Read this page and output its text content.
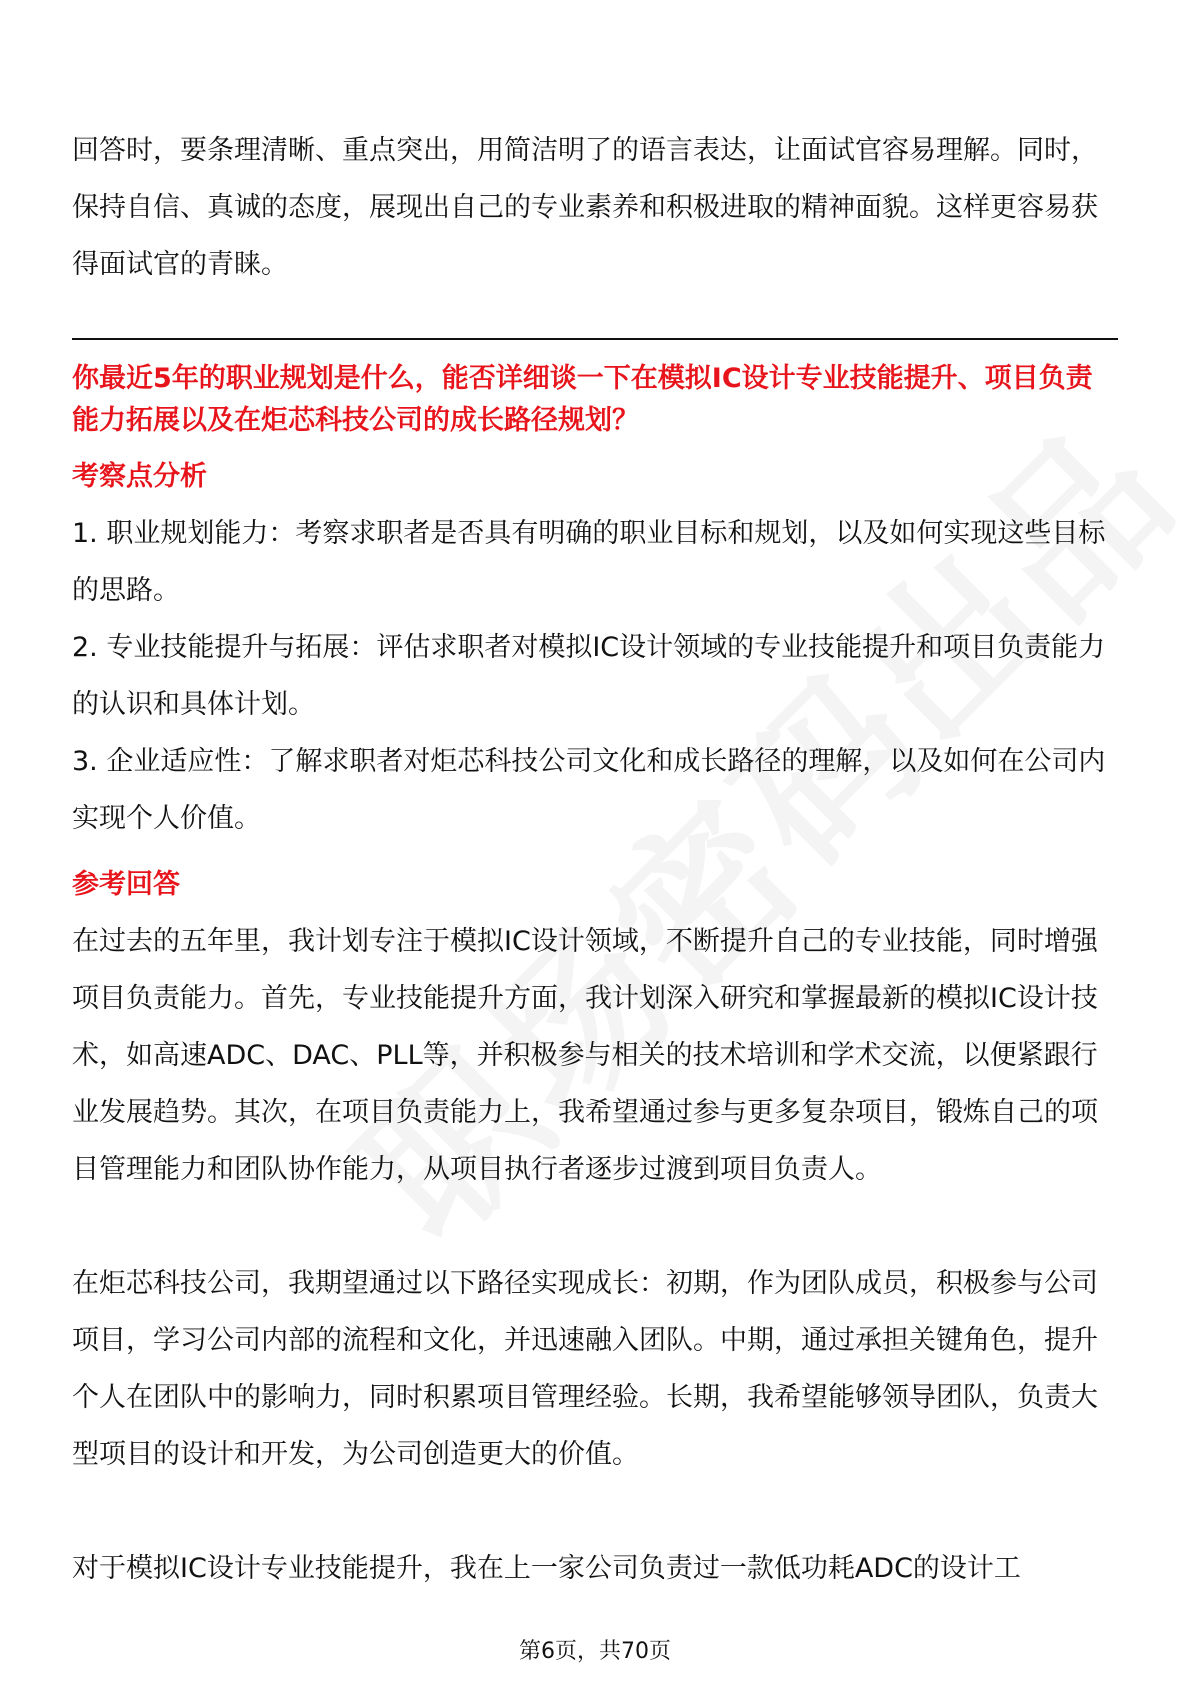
回答时，要条理清晰、重点突出，用简洁明了的语言表达，让面试官容易理解。同时，保持自信、真诚的态度，展现出自己的专业素养和积极进取的精神面貌。这样更容易获得面试官的青睐。

你最近5年的职业规划是什么，能否详细谈一下在模拟IC设计专业技能提升、项目负责能力拓展以及在炬芯科技公司的成长路径规划？

考察点分析

1. 职业规划能力：考察求职者是否具有明确的职业目标和规划，以及如何实现这些目标的思路。

2. 专业技能提升与拓展：评估求职者对模拟IC设计领域的专业技能提升和项目负责能力的认识和具体计划。

3. 企业适应性：了解求职者对炬芯科技公司文化和成长路径的理解，以及如何在公司内实现个人价值。

参考回答

在过去的五年里，我计划专注于模拟IC设计领域，不断提升自己的专业技能，同时增强项目负责能力。首先，专业技能提升方面，我计划深入研究和掌握最新的模拟IC设计技术，如高速ADC、DAC、PLL等，并积极参与相关的技术培训和学术交流，以便紧跟行业发展趋势。其次，在项目负责能力上，我希望通过参与更多复杂项目，锻炼自己的项目管理能力和团队协作能力，从项目执行者逐步过渡到项目负责人。

在炬芯科技公司，我期望通过以下路径实现成长：初期，作为团队成员，积极参与公司项目，学习公司内部的流程和文化，并迅速融入团队。中期，通过承担关键角色，提升个人在团队中的影响力，同时积累项目管理经验。长期，我希望能够领导团队，负责大型项目的设计和开发，为公司创造更大的价值。

对于模拟IC设计专业技能提升，我在上一家公司负责过一款低功耗ADC的设计工

第6页，共70页
